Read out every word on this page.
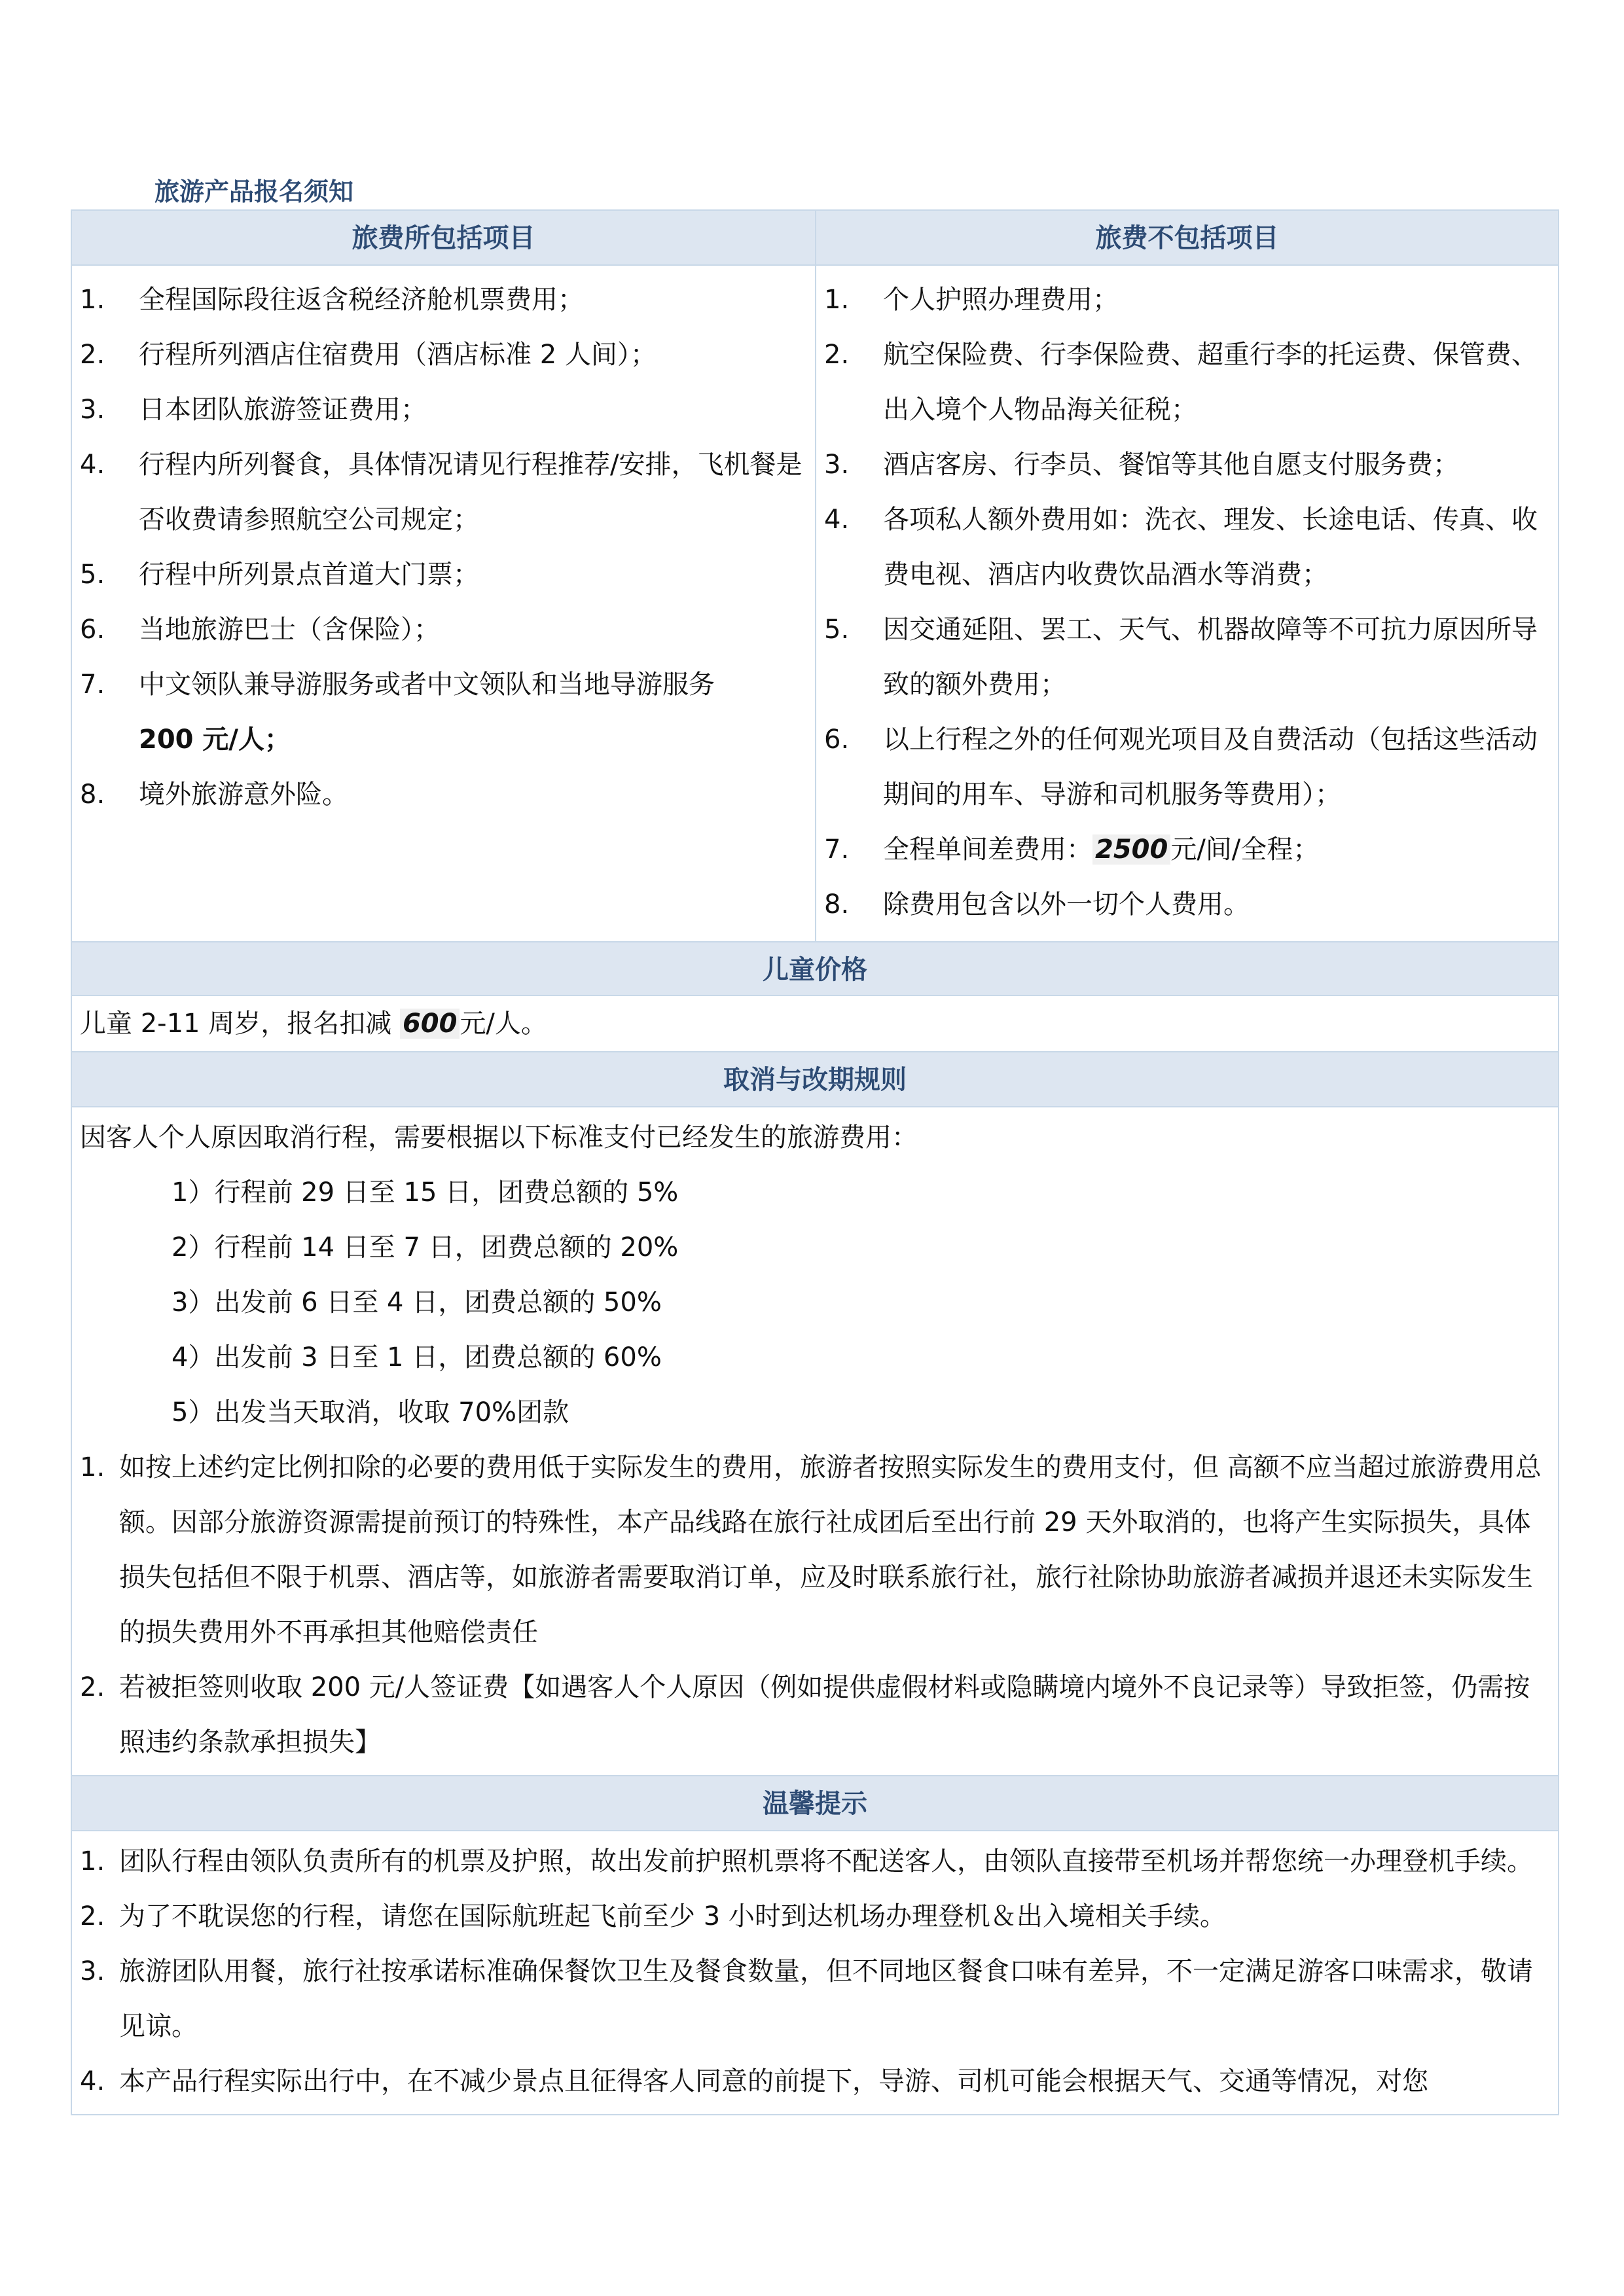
旅游产品报名须知
旅费所包括项目
1.	全程国际段往返含税经济舱机票费用；
2.	行程所列酒店住宿费用（酒店标准 2 人间）；
3.	日本团队旅游签证费用；
4.	行程内所列餐食，具体情况请见行程推荐/安排，飞机餐是否收费请参照航空公司规定；
5.	行程中所列景点首道大门票；
6.	当地旅游巴士（含保险）；
7.	中文领队兼导游服务或者中文领队和当地导游服务
200 元/人；
8.	境外旅游意外险。
旅费不包括项目
1.	个人护照办理费用；
2.	航空保险费、行李保险费、超重行李的托运费、保管费、出入境个人物品海关征税；
3.	酒店客房、行李员、餐馆等其他自愿支付服务费；
4.	各项私人额外费用如：洗衣、理发、长途电话、传真、收费电视、酒店内收费饮品酒水等消费；
5.	因交通延阻、罢工、天气、机器故障等不可抗力原因所导致的额外费用；
6.	以上行程之外的任何观光项目及自费活动（包括这些活动期间的用车、导游和司机服务等费用）；
7.	全程单间差费用： 2500 元/间/全程；
8.	除费用包含以外一切个人费用。
儿童价格
儿童 2-11 周岁，报名扣减 600 元/人。
取消与改期规则
因客人个人原因取消行程，需要根据以下标准支付已经发生的旅游费用：
1）行程前 29 日至 15 日，团费总额的 5%
2）行程前 14 日至 7 日，团费总额的 20%
3）出发前 6 日至 4 日，团费总额的 50%
4）出发前 3 日至 1 日，团费总额的 60%
5）出发当天取消，收取 70%团款
1. 如按上述约定比例扣除的必要的费用低于实际发生的费用，旅游者按照实际发生的费用支付，但 高额不应当超过旅游费用总额。因部分旅游资源需提前预订的特殊性，本产品线路在旅行社成团后至出行前 29 天外取消的，也将产生实际损失，具体损失包括但不限于机票、酒店等，如旅游者需要取消订单，应及时联系旅行社，旅行社除协助旅游者减损并退还未实际发生的损失费用外不再承担其他赔偿责任
2. 若被拒签则收取 200 元/人签证费【如遇客人个人原因（例如提供虚假材料或隐瞒境内境外不良记录等）导致拒签，仍需按照违约条款承担损失】
温馨提示
1. 团队行程由领队负责所有的机票及护照，故出发前护照机票将不配送客人，由领队直接带至机场并帮您统一办理登机手续。
2. 为了不耽误您的行程，请您在国际航班起飞前至少 3 小时到达机场办理登机＆出入境相关手续。
3. 旅游团队用餐，旅行社按承诺标准确保餐饮卫生及餐食数量，但不同地区餐食口味有差异，不一定满足游客口味需求，敬请见谅。
4. 本产品行程实际出行中，在不减少景点且征得客人同意的前提下，导游、司机可能会根据天气、交通等情况，对您
